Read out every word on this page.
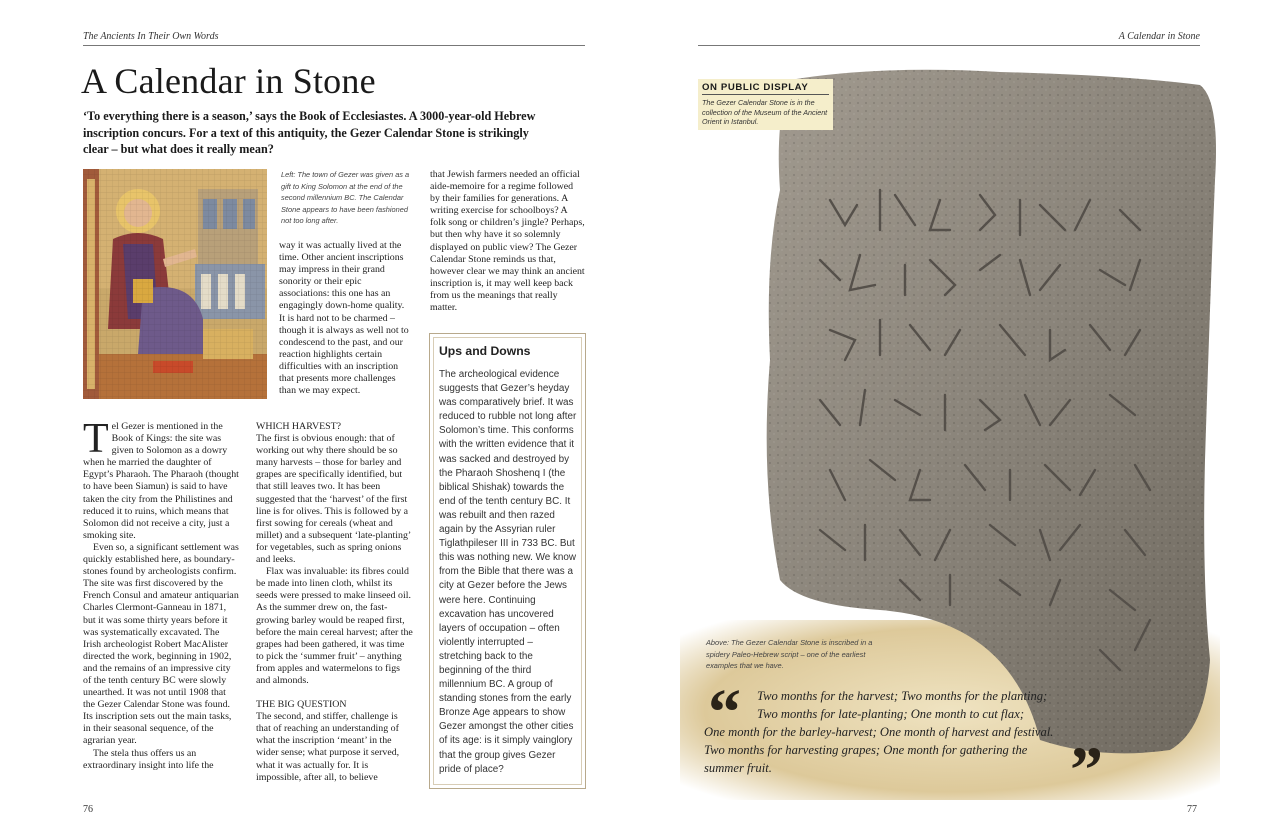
The Ancients In Their Own Words
A Calendar in Stone
‘To everything there is a season,’ says the Book of Ecclesiastes. A 3000-year-old Hebrew inscription concurs. For a text of this antiquity, the Gezer Calendar Stone is strikingly clear – but what does it really mean?
Left: The town of Gezer was given as a gift to King Solomon at the end of the second millennium BC. The Calendar Stone appears to have been fashioned not too long after.

way it was actually lived at the time. Other ancient inscriptions may impress in their grand sonority or their epic associations: this one has an engagingly down-home quality. It is hard not to be charmed – though it is always as well not to condescend to the past, and our reaction highlights certain difficulties with an inscription that presents more challenges than we may expect.

Tel Gezer is mentioned in the Book of Kings: the site was given to Solomon as a dowry when he married the daughter of Egypt’s Pharaoh. The Pharaoh (thought to have been Siamun) is said to have taken the city from the Philistines and reduced it to ruins, which means that Solomon did not receive a city, just a smoking site.

Even so, a significant settlement was quickly established here, as boundary-stones found by archeologists confirm. The site was first discovered by the French Consul and amateur antiquarian Charles Clermont-Ganneau in 1871, but it was some thirty years before it was systematically excavated. The Irish archeologist Robert MacAlister directed the work, beginning in 1902, and the remains of an impressive city of the tenth century BC were slowly unearthed. It was not until 1908 that the Gezer Calendar Stone was found. Its inscription sets out the main tasks, in their seasonal sequence, of the agrarian year.

The stela thus offers us an extraordinary insight into life the

WHICH HARVEST?

The first is obvious enough: that of working out why there should be so many harvests – those for barley and grapes are specifically identified, but that still leaves two. It has been suggested that the ‘harvest’ of the first line is for olives. This is followed by a first sowing for cereals (wheat and millet) and a subsequent ‘late-planting’ for vegetables, such as spring onions and leeks.

Flax was invaluable: its fibres could be made into linen cloth, whilst its seeds were pressed to make linseed oil. As the summer drew on, the fast-growing barley would be reaped first, before the main cereal harvest; after the grapes had been gathered, it was time to pick the ‘summer fruit’ – anything from apples and watermelons to figs and almonds.

THE BIG QUESTION

The second, and stiffer, challenge is that of reaching an understanding of what the inscription ‘meant’ in the wider sense; what purpose it served, what it was actually for. It is impossible, after all, to believe

that Jewish farmers needed an official aide-memoire for a regime followed by their families for generations. A writing exercise for schoolboys? A folk song or children’s jingle? Perhaps, but then why have it so solemnly displayed on public view? The Gezer Calendar Stone reminds us that, however clear we may think an ancient inscription is, it may well keep back from us the meanings that really matter.

Ups and Downs
The archeological evidence suggests that Gezer’s heyday was comparatively brief. It was reduced to rubble not long after Solomon’s time. This conforms with the written evidence that it was sacked and destroyed by the Pharaoh Shoshenq I (the biblical Shishak) towards the end of the tenth century BC. It was rebuilt and then razed again by the Assyrian ruler Tiglathpileser III in 733 BC. But this was nothing new. We know from the Bible that there was a city at Gezer before the Jews were here. Continuing excavation has uncovered layers of occupation – often violently interrupted – stretching back to the beginning of the third millennium BC. A group of standing stones from the early Bronze Age appears to show Gezer amongst the other cities of its age: is it simply vainglory that the group gives Gezer pride of place?
76
A Calendar in Stone
ON PUBLIC DISPLAY
The Gezer Calendar Stone is in the collection of the Museum of the Ancient Orient in Istanbul.
Above: The Gezer Calendar Stone is inscribed in a spidery Paleo-Hebrew script – one of the earliest examples that we have.
“ Two months for the harvest; Two months for the planting;
Two months for late-planting; One month to cut flax;
One month for the barley-harvest; One month of harvest and festival.
Two months for harvesting grapes; One month for gathering the
summer fruit.	”
77
